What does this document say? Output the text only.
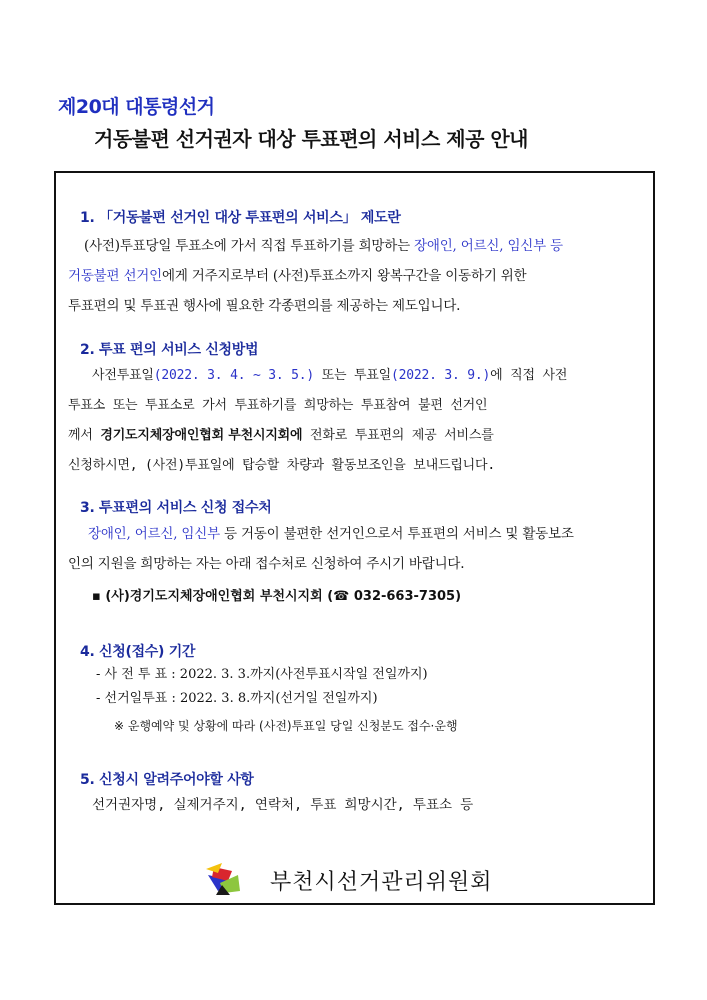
제20대 대통령선거
거동불편 선거권자 대상 투표편의 서비스 제공 안내
1. 「거동불편 선거인 대상 투표편의 서비스」 제도란
(사전)투표당일 투표소에 가서 직접 투표하기를 희망하는 장애인, 어르신, 임신부 등
거동불편 선거인에게 거주지로부터 (사전)투표소까지 왕복구간을 이동하기 위한
투표편의 및 투표권 행사에 필요한 각종편의를 제공하는 제도입니다.
2. 투표 편의 서비스 신청방법
사전투표일(2022. 3. 4. ~ 3. 5.) 또는 투표일(2022. 3. 9.)에 직접 사전
투표소 또는 투표소로 가서 투표하기를 희망하는 투표참여 불편 선거인
께서 경기도지체장애인협회 부천시지회에 전화로 투표편의 제공 서비스를
신청하시면, (사전)투표일에 탑승할 차량과 활동보조인을 보내드립니다.
3. 투표편의 서비스 신청 접수처
장애인, 어르신, 임신부 등 거동이 불편한 선거인으로서 투표편의 서비스 및 활동보조
인의 지원을 희망하는 자는 아래 접수처로 신청하여 주시기 바랍니다.
▪ (사)경기도지체장애인협회 부천시지회 (☎ 032-663-7305)
4. 신청(접수) 기간
- 사 전 투 표 : 2022. 3. 3.까지(사전투표시작일 전일까지)
- 선거일투표 : 2022. 3. 8.까지(선거일 전일까지)
※ 운행예약 및 상황에 따라 (사전)투표일 당일 신청분도 접수·운행
5. 신청시 알려주어야할 사항
선거권자명, 실제거주지, 연락처, 투표 희망시간, 투표소 등
부천시선거관리위원회
